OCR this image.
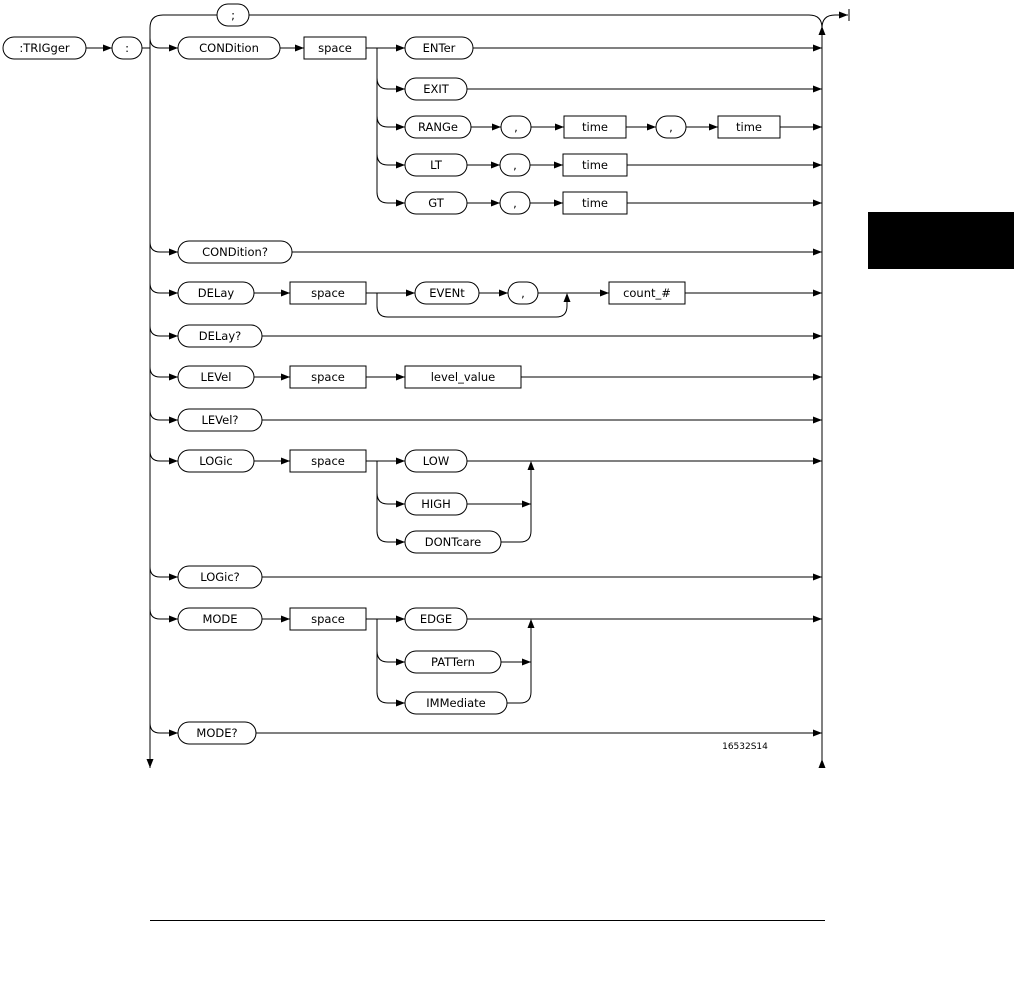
:TRIGger	:
;
CONDition	space	ENTer
EXIT
RANGe
LT
GT
,	time	,	time
,	time
,	time
CONDition?
DELay	space	EVENt	,	count_#
DELay?
LEVel	space	level_value
LEVel?
LOGic	space	LOW
HIGH
DONTcare
LOGic?
MODE	space	EDGE
PATTern
IMMediate
MODE?
16532S14
